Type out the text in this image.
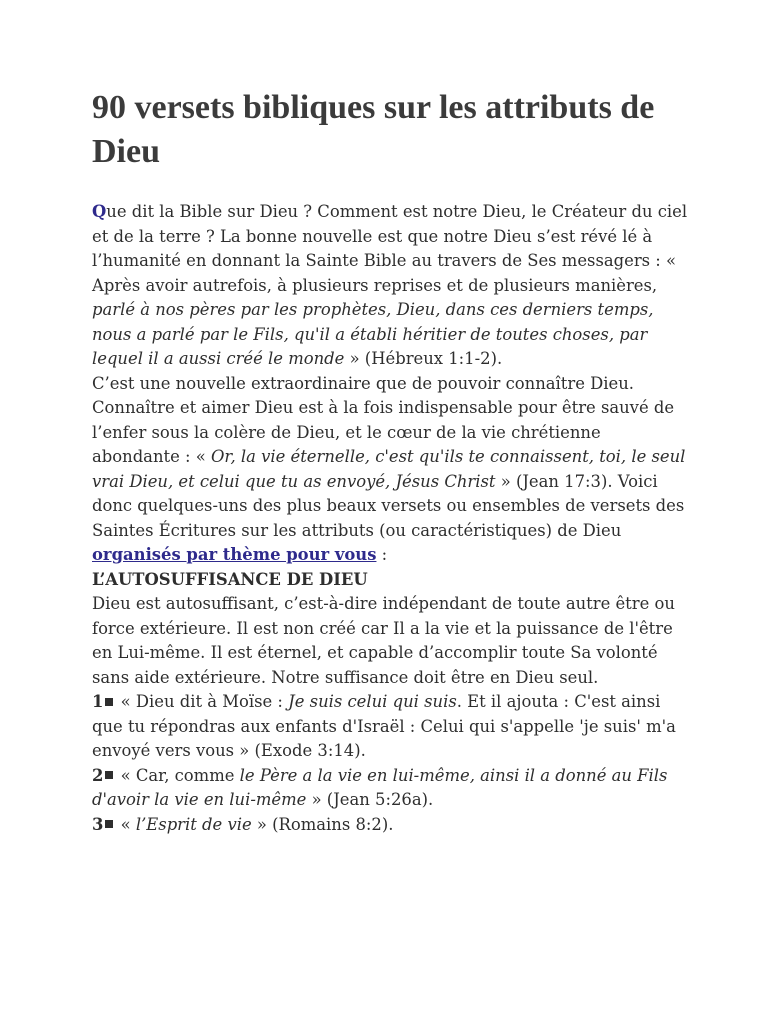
90 versets bibliques sur les attributs de Dieu

Que dit la Bible sur Dieu ? Comment est notre Dieu, le Créateur du ciel et de la terre ? La bonne nouvelle est que notre Dieu s’est révé lé à l’humanité en donnant la Sainte Bible au travers de Ses messagers : « Après avoir autrefois, à plusieurs reprises et de plusieurs manières, parlé à nos pères par les prophètes, Dieu, dans ces derniers temps, nous a parlé par le Fils, qu'il a établi héritier de toutes choses, par lequel il a aussi créé le monde » (Hébreux 1:1-2).

C’est une nouvelle extraordinaire que de pouvoir connaître Dieu. Connaître et aimer Dieu est à la fois indispensable pour être sauvé de l’enfer sous la colère de Dieu, et le cœur de la vie chrétienne abondante : « Or, la vie éternelle, c'est qu'ils te connaissent, toi, le seul vrai Dieu, et celui que tu as envoyé, Jésus Christ » (Jean 17:3). Voici donc quelques-uns des plus beaux versets ou ensembles de versets des Saintes Écritures sur les attributs (ou caractéristiques) de Dieu organisés par thème pour vous :

L’AUTOSUFFISANCE DE DIEU

Dieu est autosuffisant, c’est-à-dire indépendant de toute autre être ou force extérieure. Il est non créé car Il a la vie et la puissance de l'être en Lui-même. Il est éternel, et capable d’accomplir toute Sa volonté sans aide extérieure. Notre suffisance doit être en Dieu seul.

1 « Dieu dit à Moïse : Je suis celui qui suis. Et il ajouta : C'est ainsi que tu répondras aux enfants d'Israël : Celui qui s'appelle 'je suis' m'a envoyé vers vous » (Exode 3:14).

2 « Car, comme le Père a la vie en lui-même, ainsi il a donné au Fils d'avoir la vie en lui-même » (Jean 5:26a).

3 « l’Esprit de vie » (Romains 8:2).
